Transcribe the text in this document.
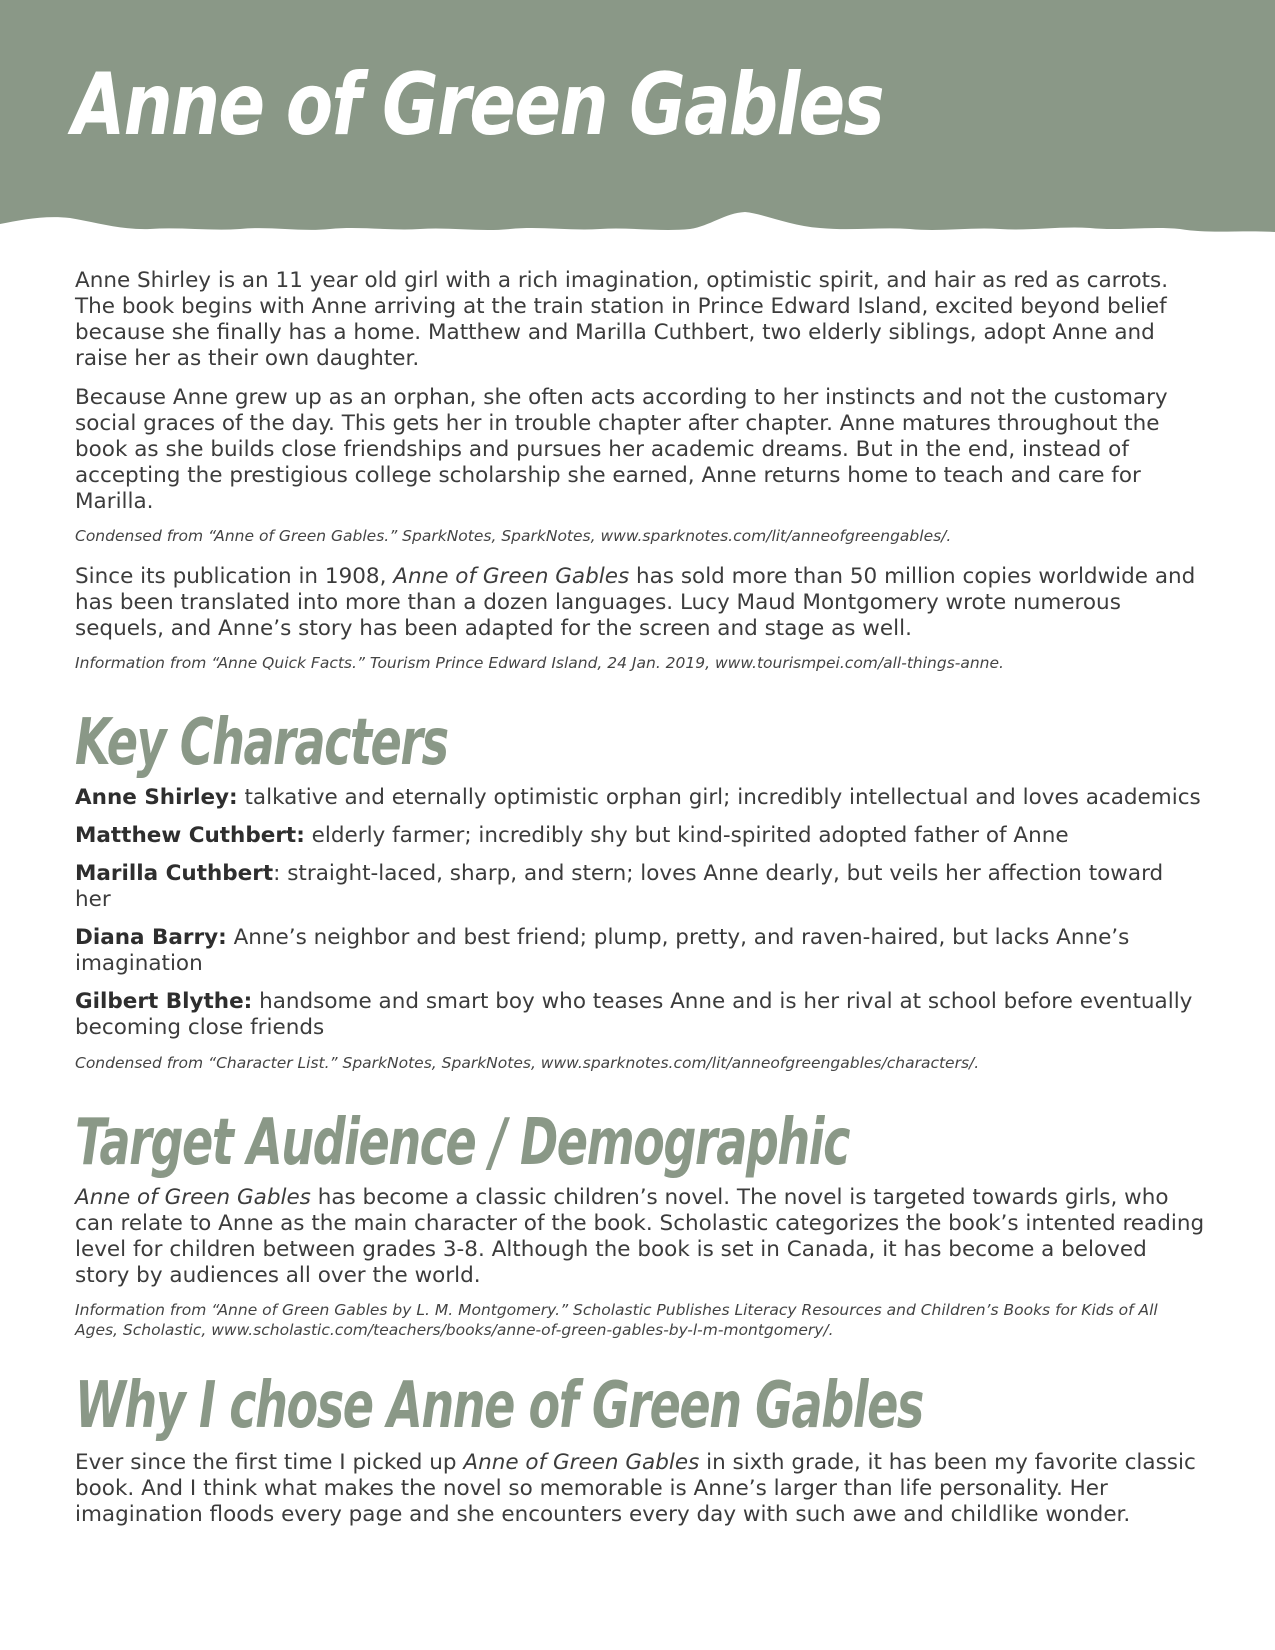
Anne of Green Gables

Anne Shirley is an 11 year old girl with a rich imagination, optimistic spirit, and hair as red as carrots. The book begins with Anne arriving at the train station in Prince Edward Island, excited beyond belief because she finally has a home. Matthew and Marilla Cuthbert, two elderly siblings, adopt Anne and raise her as their own daughter.

Because Anne grew up as an orphan, she often acts according to her instincts and not the customary social graces of the day. This gets her in trouble chapter after chapter. Anne matures throughout the book as she builds close friendships and pursues her academic dreams. But in the end, instead of accepting the prestigious college scholarship she earned, Anne returns home to teach and care for Marilla.

Condensed from “Anne of Green Gables.” SparkNotes, SparkNotes, www.sparknotes.com/lit/anneofgreengables/.

Since its publication in 1908, Anne of Green Gables has sold more than 50 million copies worldwide and has been translated into more than a dozen languages. Lucy Maud Montgomery wrote numerous sequels, and Anne’s story has been adapted for the screen and stage as well.

Information from “Anne Quick Facts.” Tourism Prince Edward Island, 24 Jan. 2019, www.tourismpei.com/all-things-anne.

Key Characters

Anne Shirley: talkative and eternally optimistic orphan girl; incredibly intellectual and loves academics

Matthew Cuthbert: elderly farmer; incredibly shy but kind-spirited adopted father of Anne

Marilla Cuthbert: straight-laced, sharp, and stern; loves Anne dearly, but veils her affection toward her

Diana Barry: Anne’s neighbor and best friend; plump, pretty, and raven-haired, but lacks Anne’s imagination

Gilbert Blythe: handsome and smart boy who teases Anne and is her rival at school before eventually becoming close friends

Condensed from “Character List.” SparkNotes, SparkNotes, www.sparknotes.com/lit/anneofgreengables/characters/.

Target Audience / Demographic

Anne of Green Gables has become a classic children’s novel. The novel is targeted towards girls, who can relate to Anne as the main character of the book. Scholastic categorizes the book’s intented reading level for children between grades 3-8. Although the book is set in Canada, it has become a beloved story by audiences all over the world.

Information from “Anne of Green Gables by L. M. Montgomery.” Scholastic Publishes Literacy Resources and Children’s Books for Kids of All Ages, Scholastic, www.scholastic.com/teachers/books/anne-of-green-gables-by-l-m-montgomery/.

Why I chose Anne of Green Gables

Ever since the first time I picked up Anne of Green Gables in sixth grade, it has been my favorite classic book. And I think what makes the novel so memorable is Anne’s larger than life personality. Her imagination floods every page and she encounters every day with such awe and childlike wonder.
